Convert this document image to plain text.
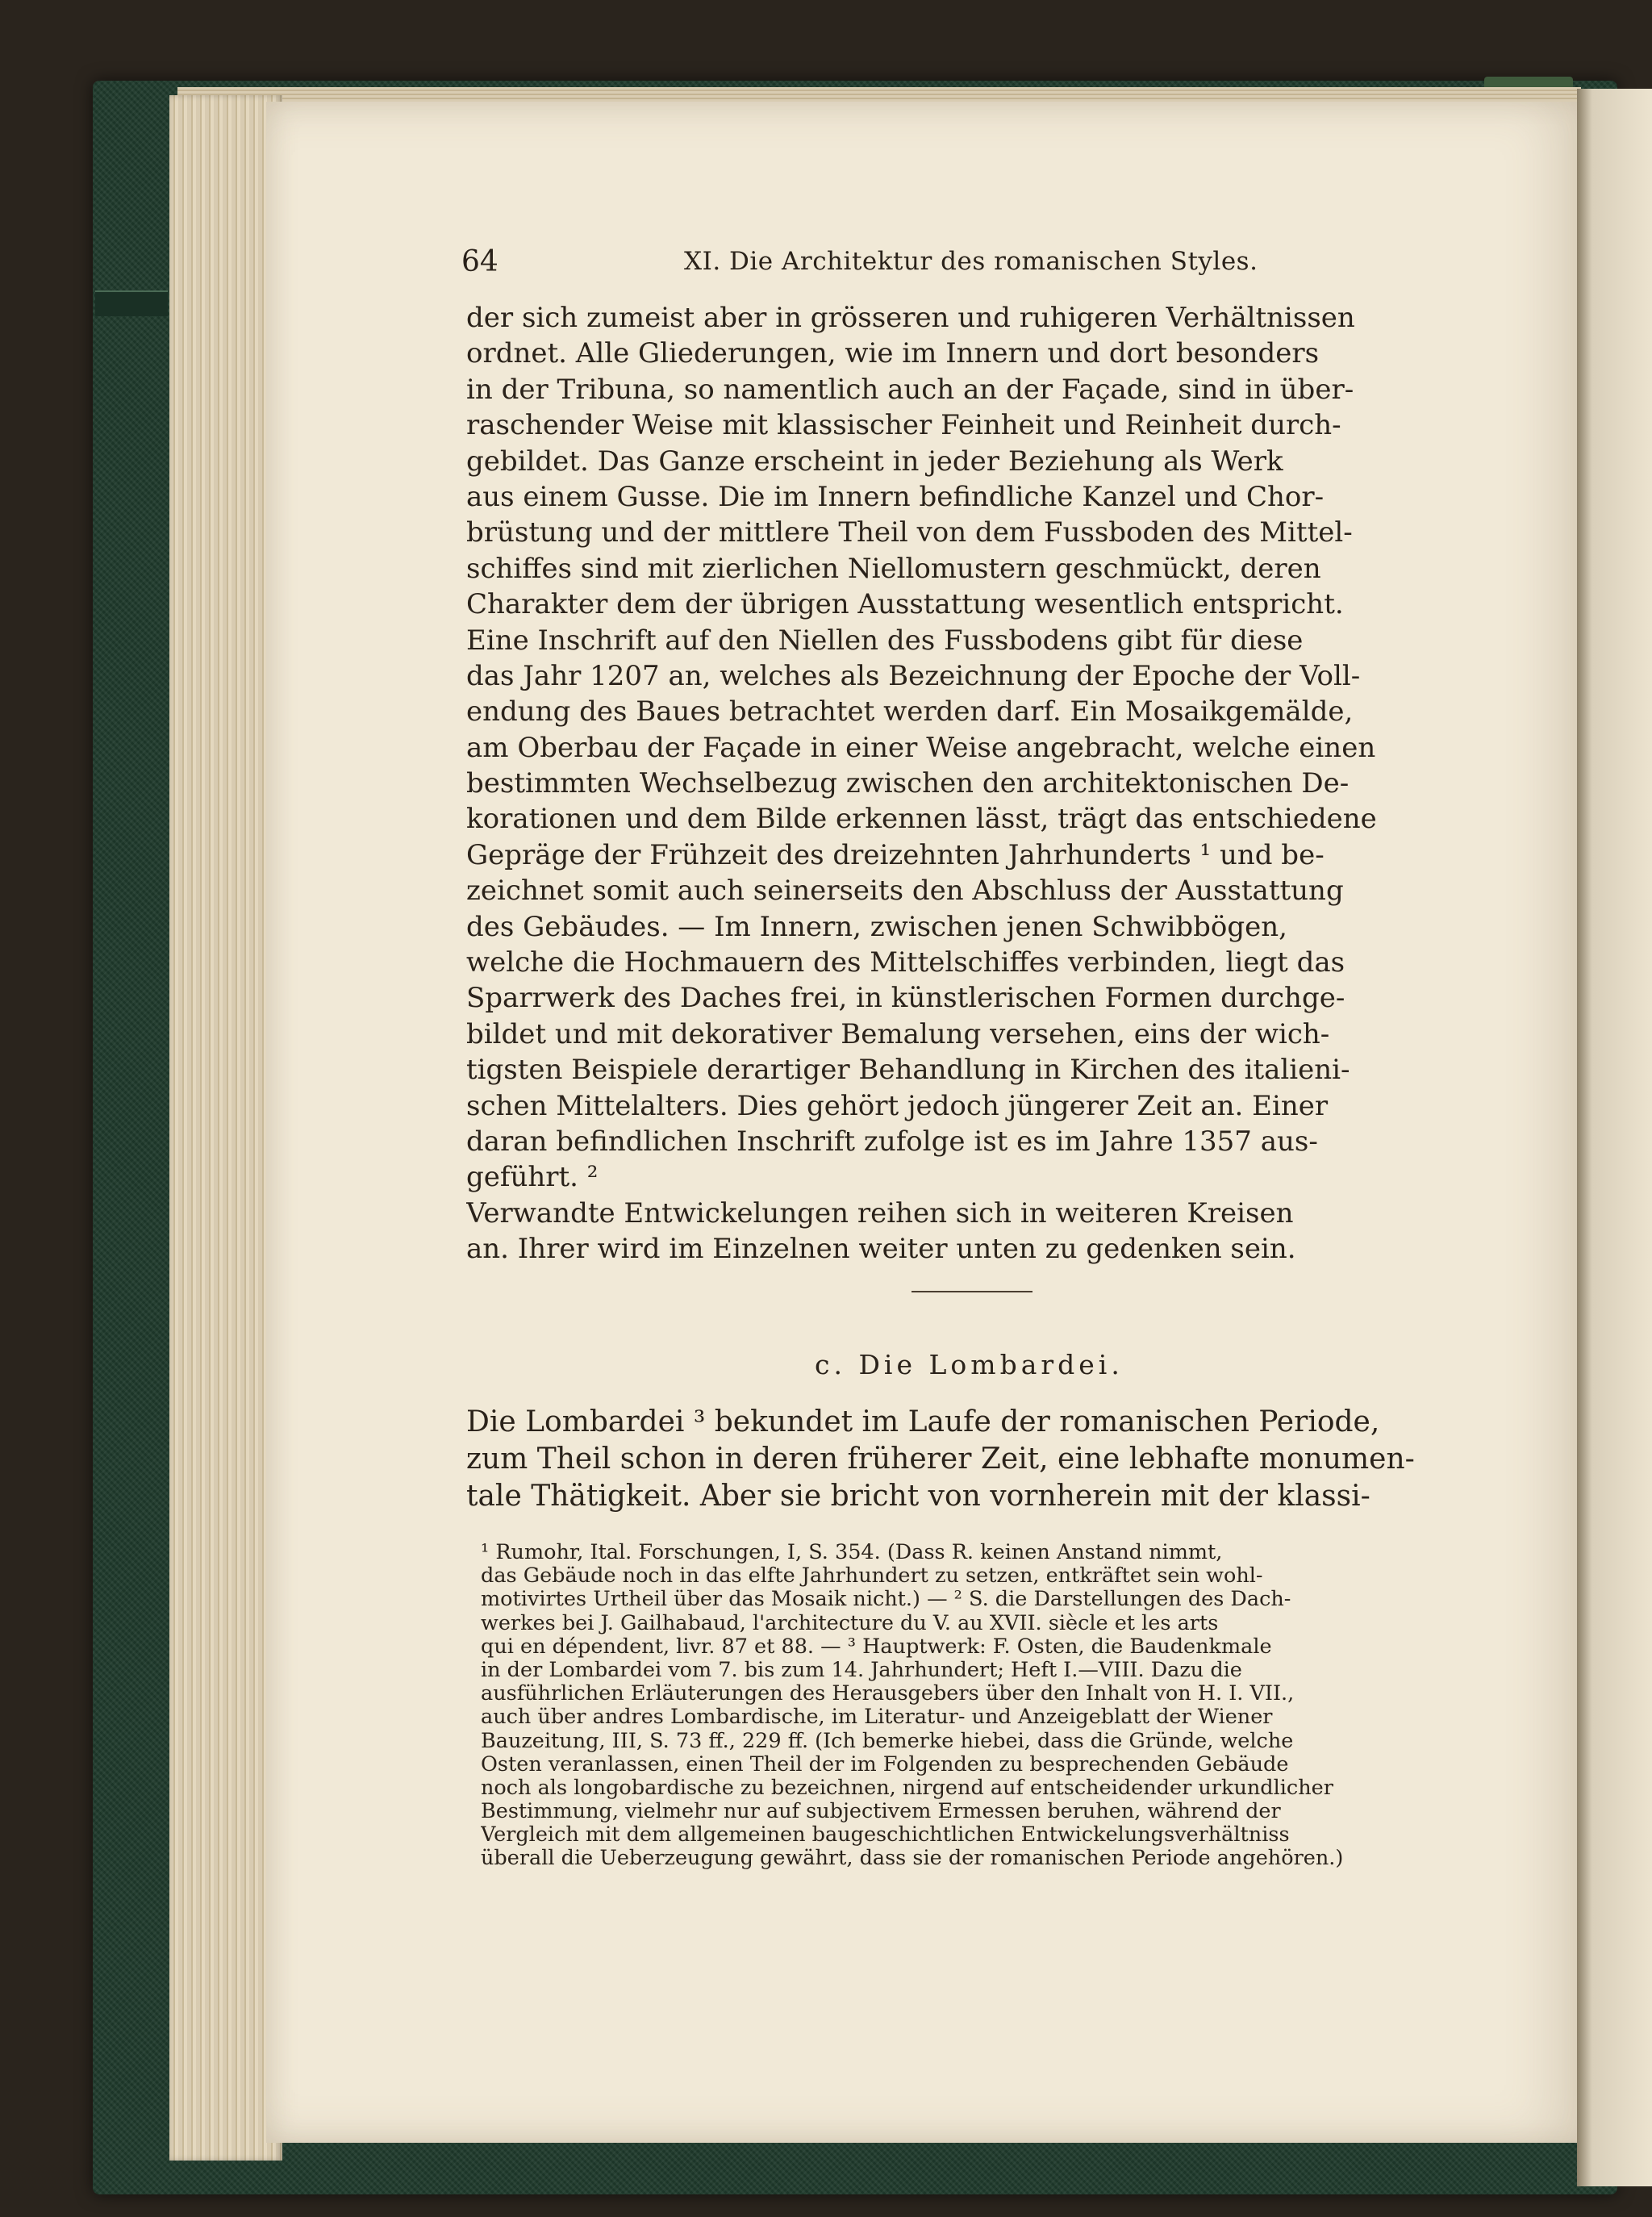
64	XI. Die Architektur des romanischen Styles.
der sich zumeist aber in grösseren und ruhigeren Verhältnissen
ordnet. Alle Gliederungen, wie im Innern und dort besonders
in der Tribuna, so namentlich auch an der Façade, sind in über-
raschender Weise mit klassischer Feinheit und Reinheit durch-
gebildet. Das Ganze erscheint in jeder Beziehung als Werk
aus einem Gusse. Die im Innern befindliche Kanzel und Chor-
brüstung und der mittlere Theil von dem Fussboden des Mittel-
schiffes sind mit zierlichen Niellomustern geschmückt, deren
Charakter dem der übrigen Ausstattung wesentlich entspricht.
Eine Inschrift auf den Niellen des Fussbodens gibt für diese
das Jahr 1207 an, welches als Bezeichnung der Epoche der Voll-
endung des Baues betrachtet werden darf. Ein Mosaikgemälde,
am Oberbau der Façade in einer Weise angebracht, welche einen
bestimmten Wechselbezug zwischen den architektonischen De-
korationen und dem Bilde erkennen lässt, trägt das entschiedene
Gepräge der Frühzeit des dreizehnten Jahrhunderts ¹ und be-
zeichnet somit auch seinerseits den Abschluss der Ausstattung
des Gebäudes. — Im Innern, zwischen jenen Schwibbögen,
welche die Hochmauern des Mittelschiffes verbinden, liegt das
Sparrwerk des Daches frei, in künstlerischen Formen durchge-
bildet und mit dekorativer Bemalung versehen, eins der wich-
tigsten Beispiele derartiger Behandlung in Kirchen des italieni-
schen Mittelalters. Dies gehört jedoch jüngerer Zeit an. Einer
daran befindlichen Inschrift zufolge ist es im Jahre 1357 aus-
geführt. ²
Verwandte Entwickelungen reihen sich in weiteren Kreisen
an. Ihrer wird im Einzelnen weiter unten zu gedenken sein.
c. Die Lombardei.
Die Lombardei ³ bekundet im Laufe der romanischen Periode,
zum Theil schon in deren früherer Zeit, eine lebhafte monumen-
tale Thätigkeit. Aber sie bricht von vornherein mit der klassi-
¹ Rumohr, Ital. Forschungen, I, S. 354. (Dass R. keinen Anstand nimmt,
das Gebäude noch in das elfte Jahrhundert zu setzen, entkräftet sein wohl-
motivirtes Urtheil über das Mosaik nicht.) — ² S. die Darstellungen des Dach-
werkes bei J. Gailhabaud, l'architecture du V. au XVII. siècle et les arts
qui en dépendent, livr. 87 et 88. — ³ Hauptwerk: F. Osten, die Baudenkmale
in der Lombardei vom 7. bis zum 14. Jahrhundert; Heft I.—VIII. Dazu die
ausführlichen Erläuterungen des Herausgebers über den Inhalt von H. I. VII.,
auch über andres Lombardische, im Literatur- und Anzeigeblatt der Wiener
Bauzeitung, III, S. 73 ff., 229 ff. (Ich bemerke hiebei, dass die Gründe, welche
Osten veranlassen, einen Theil der im Folgenden zu besprechenden Gebäude
noch als longobardische zu bezeichnen, nirgend auf entscheidender urkundlicher
Bestimmung, vielmehr nur auf subjectivem Ermessen beruhen, während der
Vergleich mit dem allgemeinen baugeschichtlichen Entwickelungsverhältniss
überall die Ueberzeugung gewährt, dass sie der romanischen Periode angehören.)
